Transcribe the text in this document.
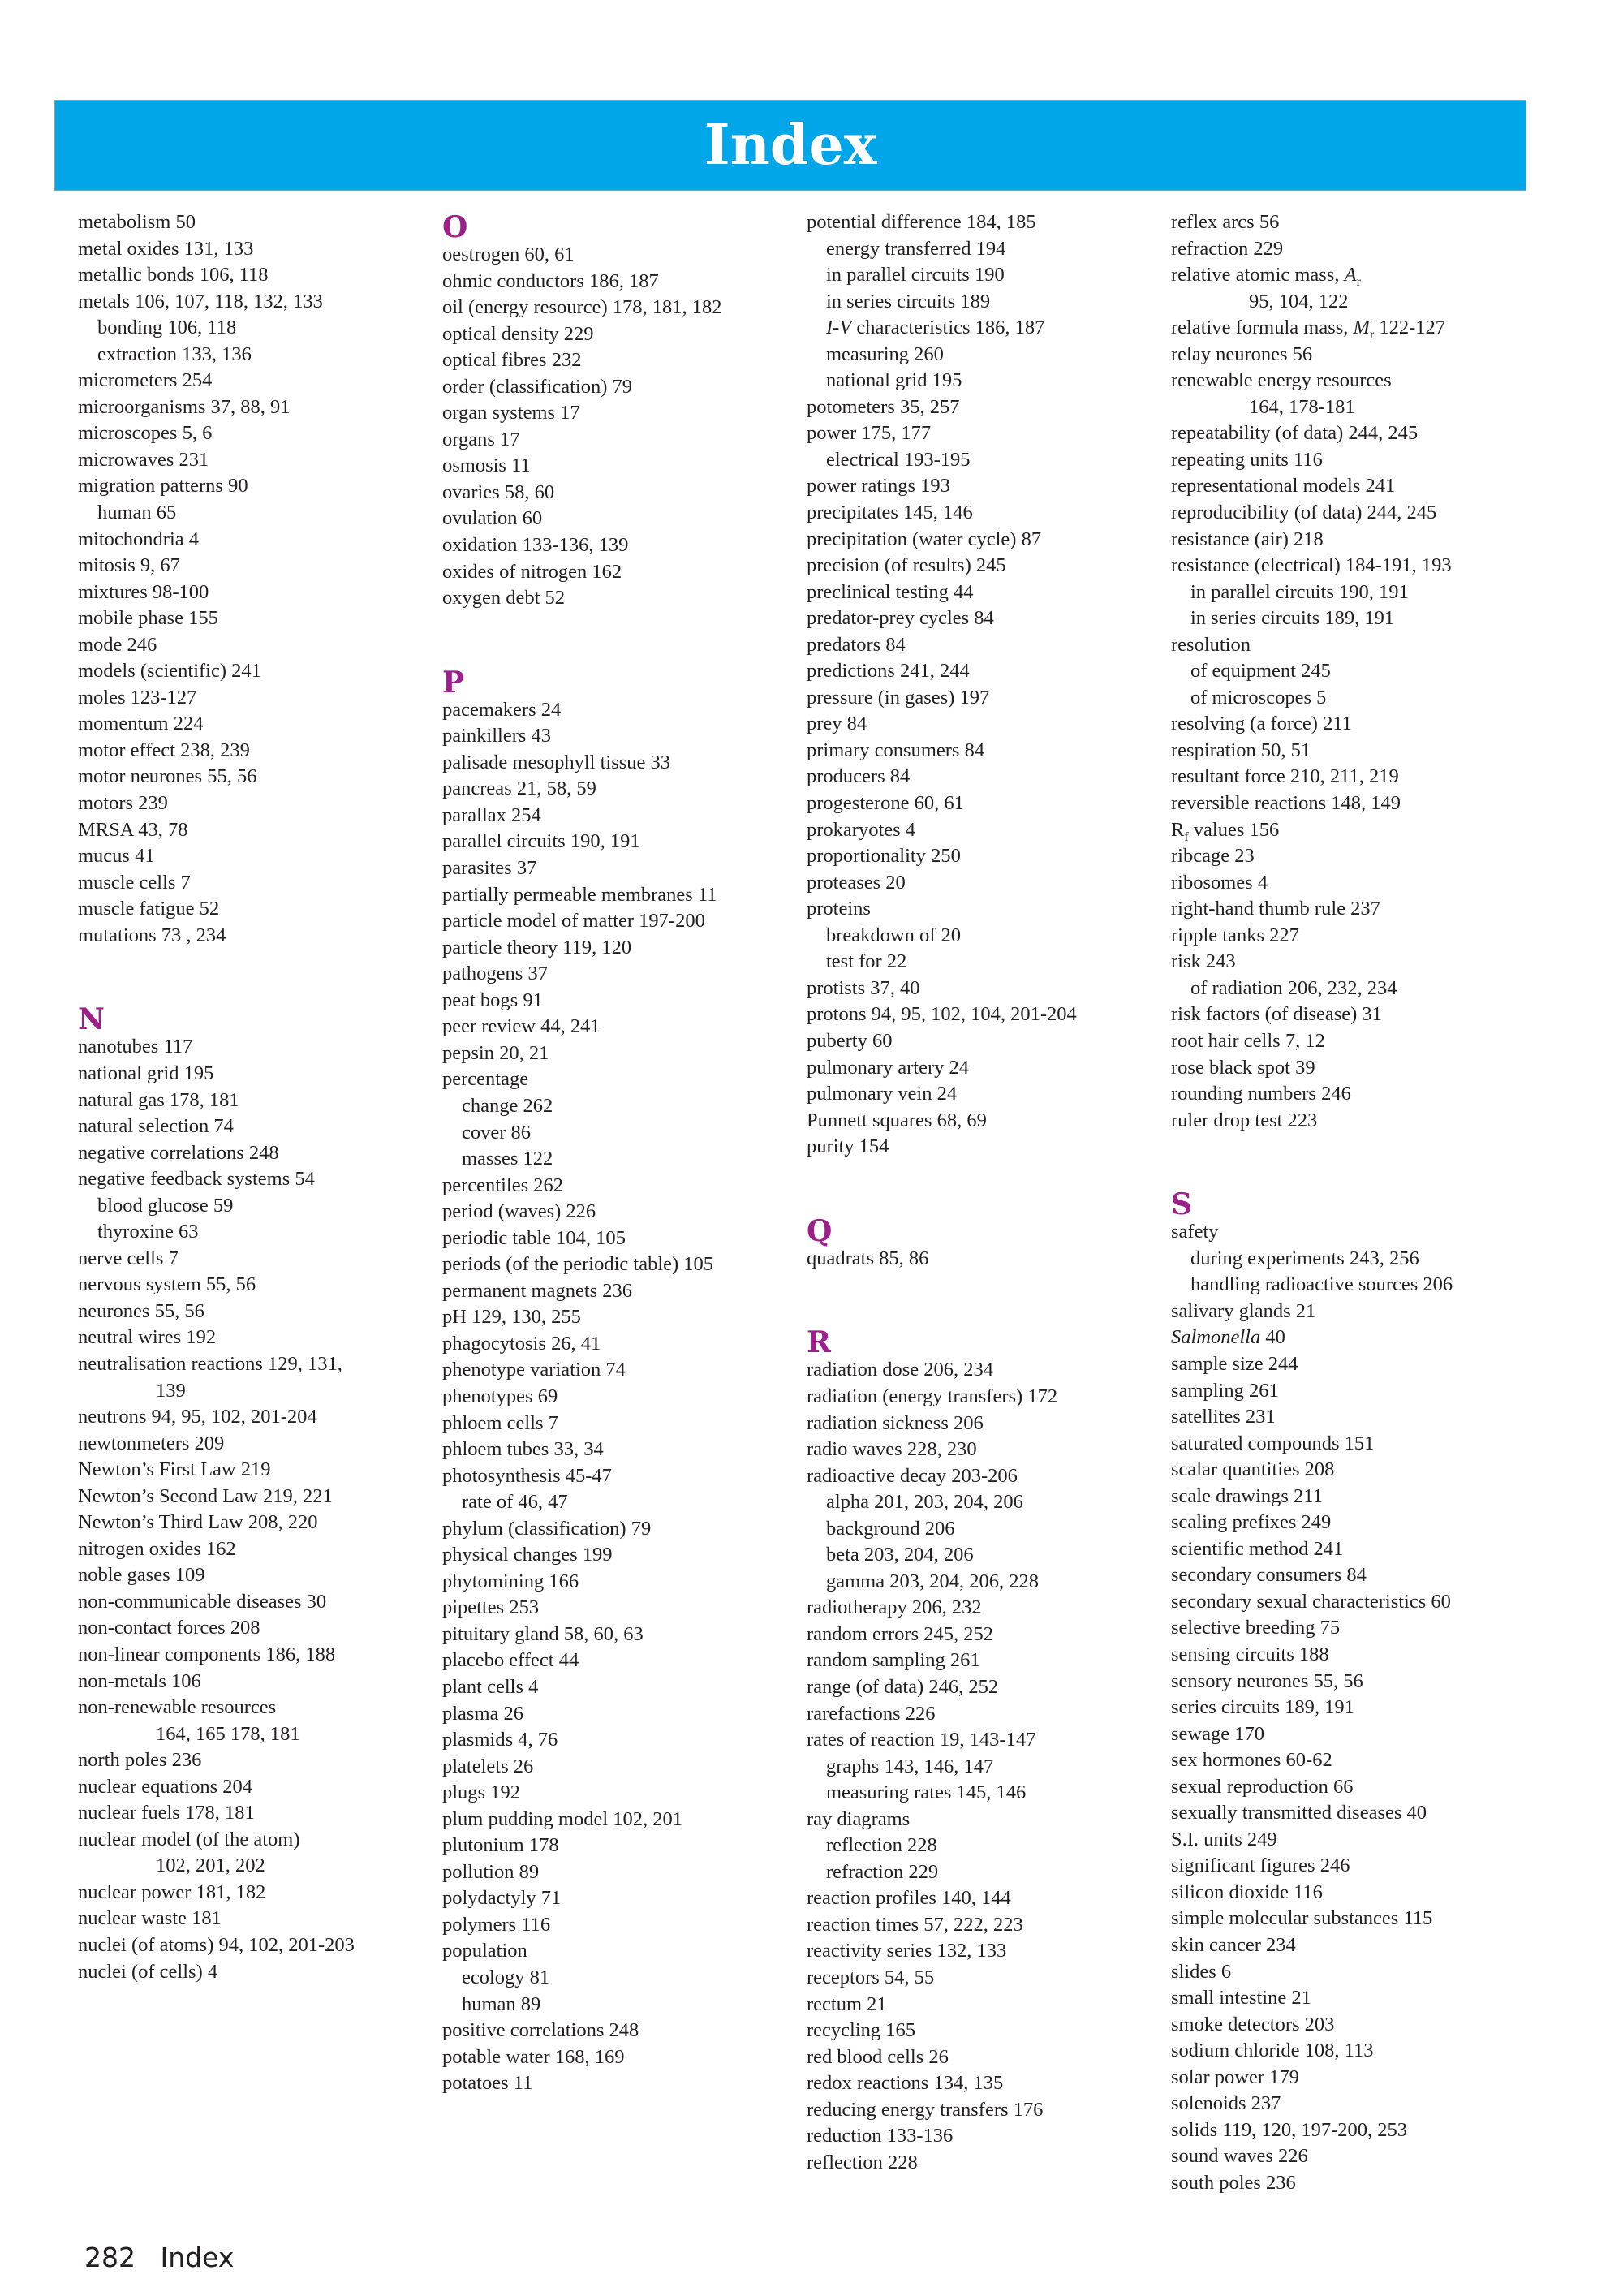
Index
metabolism 50
metal oxides 131, 133
metallic bonds 106, 118
metals 106, 107, 118, 132, 133
bonding 106, 118
extraction 133, 136
micrometers 254
microorganisms 37, 88, 91
microscopes 5, 6
microwaves 231
migration patterns 90
human 65
mitochondria 4
mitosis 9, 67
mixtures 98-100
mobile phase 155
mode 246
models (scientific) 241
moles 123-127
momentum 224
motor effect 238, 239
motor neurones 55, 56
motors 239
MRSA 43, 78
mucus 41
muscle cells 7
muscle fatigue 52
mutations 73 , 234
N
nanotubes 117
national grid 195
natural gas 178, 181
natural selection 74
negative correlations 248
negative feedback systems 54
blood glucose 59
thyroxine 63
nerve cells 7
nervous system 55, 56
neurones 55, 56
neutral wires 192
neutralisation reactions 129, 131,
139
neutrons 94, 95, 102, 201-204
newtonmeters 209
Newton’s First Law 219
Newton’s Second Law 219, 221
Newton’s Third Law 208, 220
nitrogen oxides 162
noble gases 109
non-communicable diseases 30
non-contact forces 208
non-linear components 186, 188
non-metals 106
non-renewable resources
164, 165 178, 181
north poles 236
nuclear equations 204
nuclear fuels 178, 181
nuclear model (of the atom)
102, 201, 202
nuclear power 181, 182
nuclear waste 181
nuclei (of atoms) 94, 102, 201-203
nuclei (of cells) 4
O
oestrogen 60, 61
ohmic conductors 186, 187
oil (energy resource) 178, 181, 182
optical density 229
optical fibres 232
order (classification) 79
organ systems 17
organs 17
osmosis 11
ovaries 58, 60
ovulation 60
oxidation 133-136, 139
oxides of nitrogen 162
oxygen debt 52
P
pacemakers 24
painkillers 43
palisade mesophyll tissue 33
pancreas 21, 58, 59
parallax 254
parallel circuits 190, 191
parasites 37
partially permeable membranes 11
particle model of matter 197-200
particle theory 119, 120
pathogens 37
peat bogs 91
peer review 44, 241
pepsin 20, 21
percentage
change 262
cover 86
masses 122
percentiles 262
period (waves) 226
periodic table 104, 105
periods (of the periodic table) 105
permanent magnets 236
pH 129, 130, 255
phagocytosis 26, 41
phenotype variation 74
phenotypes 69
phloem cells 7
phloem tubes 33, 34
photosynthesis 45-47
rate of 46, 47
phylum (classification) 79
physical changes 199
phytomining 166
pipettes 253
pituitary gland 58, 60, 63
placebo effect 44
plant cells 4
plasma 26
plasmids 4, 76
platelets 26
plugs 192
plum pudding model 102, 201
plutonium 178
pollution 89
polydactyly 71
polymers 116
population
ecology 81
human 89
positive correlations 248
potable water 168, 169
potatoes 11
potential difference 184, 185
energy transferred 194
in parallel circuits 190
in series circuits 189
I-V characteristics 186, 187
measuring 260
national grid 195
potometers 35, 257
power 175, 177
electrical 193-195
power ratings 193
precipitates 145, 146
precipitation (water cycle) 87
precision (of results) 245
preclinical testing 44
predator-prey cycles 84
predators 84
predictions 241, 244
pressure (in gases) 197
prey 84
primary consumers 84
producers 84
progesterone 60, 61
prokaryotes 4
proportionality 250
proteases 20
proteins
breakdown of 20
test for 22
protists 37, 40
protons 94, 95, 102, 104, 201-204
puberty 60
pulmonary artery 24
pulmonary vein 24
Punnett squares 68, 69
purity 154
Q
quadrats 85, 86
R
radiation dose 206, 234
radiation (energy transfers) 172
radiation sickness 206
radio waves 228, 230
radioactive decay 203-206
alpha 201, 203, 204, 206
background 206
beta 203, 204, 206
gamma 203, 204, 206, 228
radiotherapy 206, 232
random errors 245, 252
random sampling 261
range (of data) 246, 252
rarefactions 226
rates of reaction 19, 143-147
graphs 143, 146, 147
measuring rates 145, 146
ray diagrams
reflection 228
refraction 229
reaction profiles 140, 144
reaction times 57, 222, 223
reactivity series 132, 133
receptors 54, 55
rectum 21
recycling 165
red blood cells 26
redox reactions 134, 135
reducing energy transfers 176
reduction 133-136
reflection 228
reflex arcs 56
refraction 229
relative atomic mass, $A_r$
95, 104, 122
relative formula mass, $M_r$ 122-127
relay neurones 56
renewable energy resources
164, 178-181
repeatability (of data) 244, 245
repeating units 116
representational models 241
reproducibility (of data) 244, 245
resistance (air) 218
resistance (electrical) 184-191, 193
in parallel circuits 190, 191
in series circuits 189, 191
resolution
of equipment 245
of microscopes 5
resolving (a force) 211
respiration 50, 51
resultant force 210, 211, 219
reversible reactions 148, 149
$R_f$ values 156
ribcage 23
ribosomes 4
right-hand thumb rule 237
ripple tanks 227
risk 243
of radiation 206, 232, 234
risk factors (of disease) 31
root hair cells 7, 12
rose black spot 39
rounding numbers 246
ruler drop test 223
S
safety
during experiments 243, 256
handling radioactive sources 206
salivary glands 21
Salmonella 40
sample size 244
sampling 261
satellites 231
saturated compounds 151
scalar quantities 208
scale drawings 211
scaling prefixes 249
scientific method 241
secondary consumers 84
secondary sexual characteristics 60
selective breeding 75
sensing circuits 188
sensory neurones 55, 56
series circuits 189, 191
sewage 170
sex hormones 60-62
sexual reproduction 66
sexually transmitted diseases 40
S.I. units 249
significant figures 246
silicon dioxide 116
simple molecular substances 115
skin cancer 234
slides 6
small intestine 21
smoke detectors 203
sodium chloride 108, 113
solar power 179
solenoids 237
solids 119, 120, 197-200, 253
sound waves 226
south poles 236
282 Index
